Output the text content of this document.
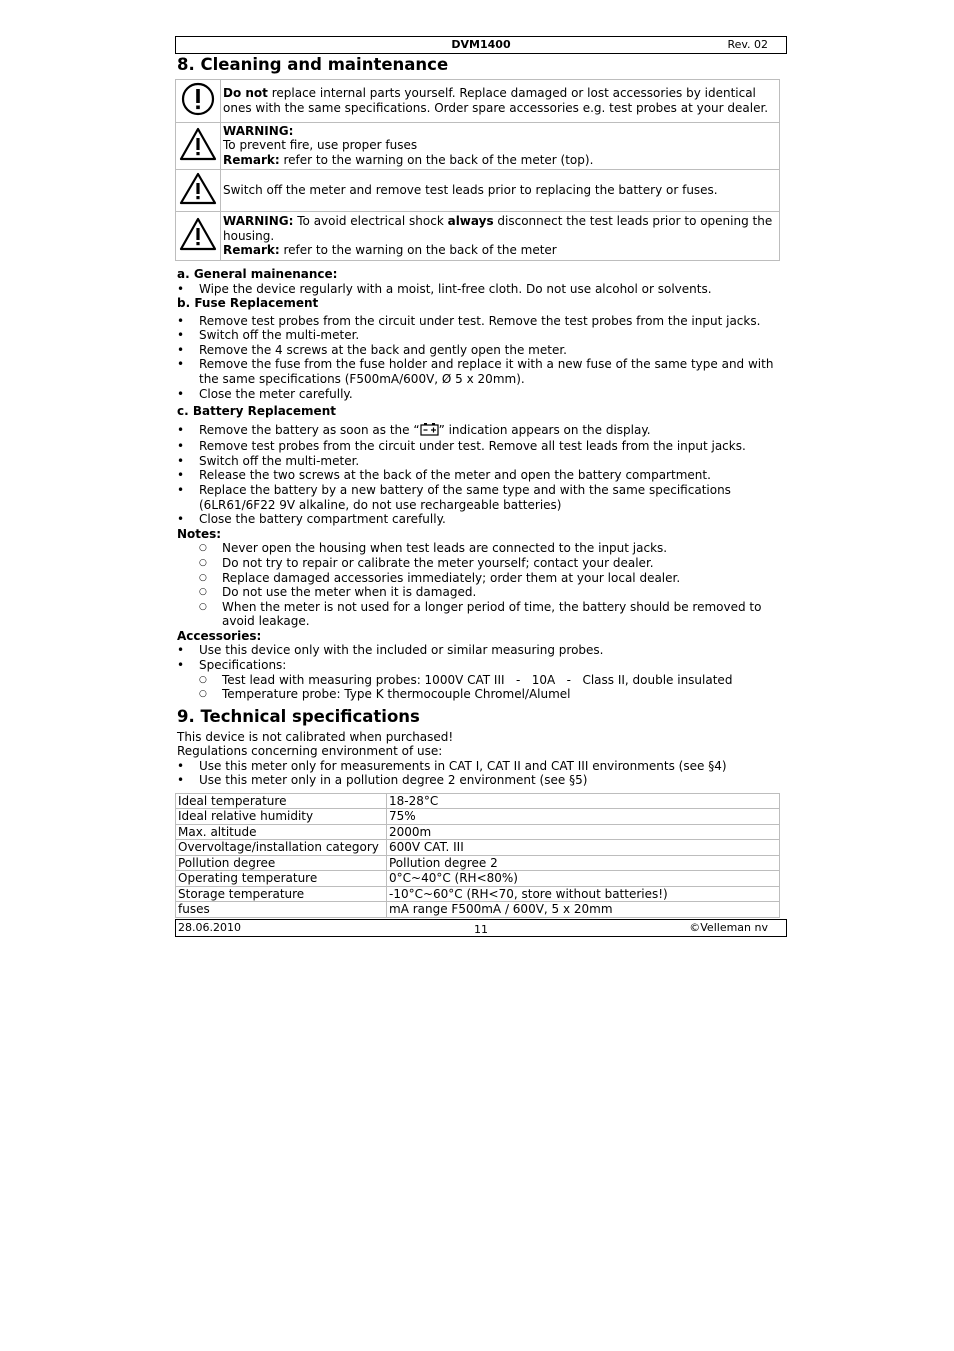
DVM1400	Rev. 02
8. Cleaning and maintenance
	Do not replace internal parts yourself. Replace damaged or lost accessories by identical ones with the same specifications. Order spare accessories e.g. test probes at your dealer.
	WARNING:
To prevent fire, use proper fuses
Remark: refer to the warning on the back of the meter (top).
	Switch off the meter and remove test leads prior to replacing the battery or fuses.
	WARNING: To avoid electrical shock always disconnect the test leads prior to opening the housing.
Remark: refer to the warning on the back of the meter
a. General mainenance:
• Wipe the device regularly with a moist, lint-free cloth. Do not use alcohol or solvents.
b. Fuse Replacement
• Remove test probes from the circuit under test. Remove the test probes from the input jacks.
• Switch off the multi-meter.
• Remove the 4 screws at the back and gently open the meter.
• Remove the fuse from the fuse holder and replace it with a new fuse of the same type and with the same specifications (F500mA/600V, Ø 5 x 20mm).
• Close the meter carefully.
c. Battery Replacement
• Remove the battery as soon as the “ ” indication appears on the display.
• Remove test probes from the circuit under test. Remove all test leads from the input jacks.
• Switch off the multi-meter.
• Release the two screws at the back of the meter and open the battery compartment.
• Replace the battery by a new battery of the same type and with the same specifications (6LR61/6F22 9V alkaline, do not use rechargeable batteries)
• Close the battery compartment carefully.
Notes:
○ Never open the housing when test leads are connected to the input jacks.
○ Do not try to repair or calibrate the meter yourself; contact your dealer.
○ Replace damaged accessories immediately; order them at your local dealer.
○ Do not use the meter when it is damaged.
○ When the meter is not used for a longer period of time, the battery should be removed to avoid leakage.
Accessories:
• Use this device only with the included or similar measuring probes.
• Specifications:
○ Test lead with measuring probes: 1000V CAT III   -   10A   -   Class II, double insulated
○ Temperature probe: Type K thermocouple Chromel/Alumel
9. Technical specifications
This device is not calibrated when purchased!
Regulations concerning environment of use:
• Use this meter only for measurements in CAT I, CAT II and CAT III environments (see §4)
• Use this meter only in a pollution degree 2 environment (see §5)
Ideal temperature	18-28°C
Ideal relative humidity	75%
Max. altitude	2000m
Overvoltage/installation category	600V CAT. III
Pollution degree	Pollution degree 2
Operating temperature	0°C~40°C (RH<80%)
Storage temperature	-10°C~60°C (RH<70, store without batteries!)
fuses	mA range F500mA / 600V, 5 x 20mm
28.06.2010	11	©Velleman nv
